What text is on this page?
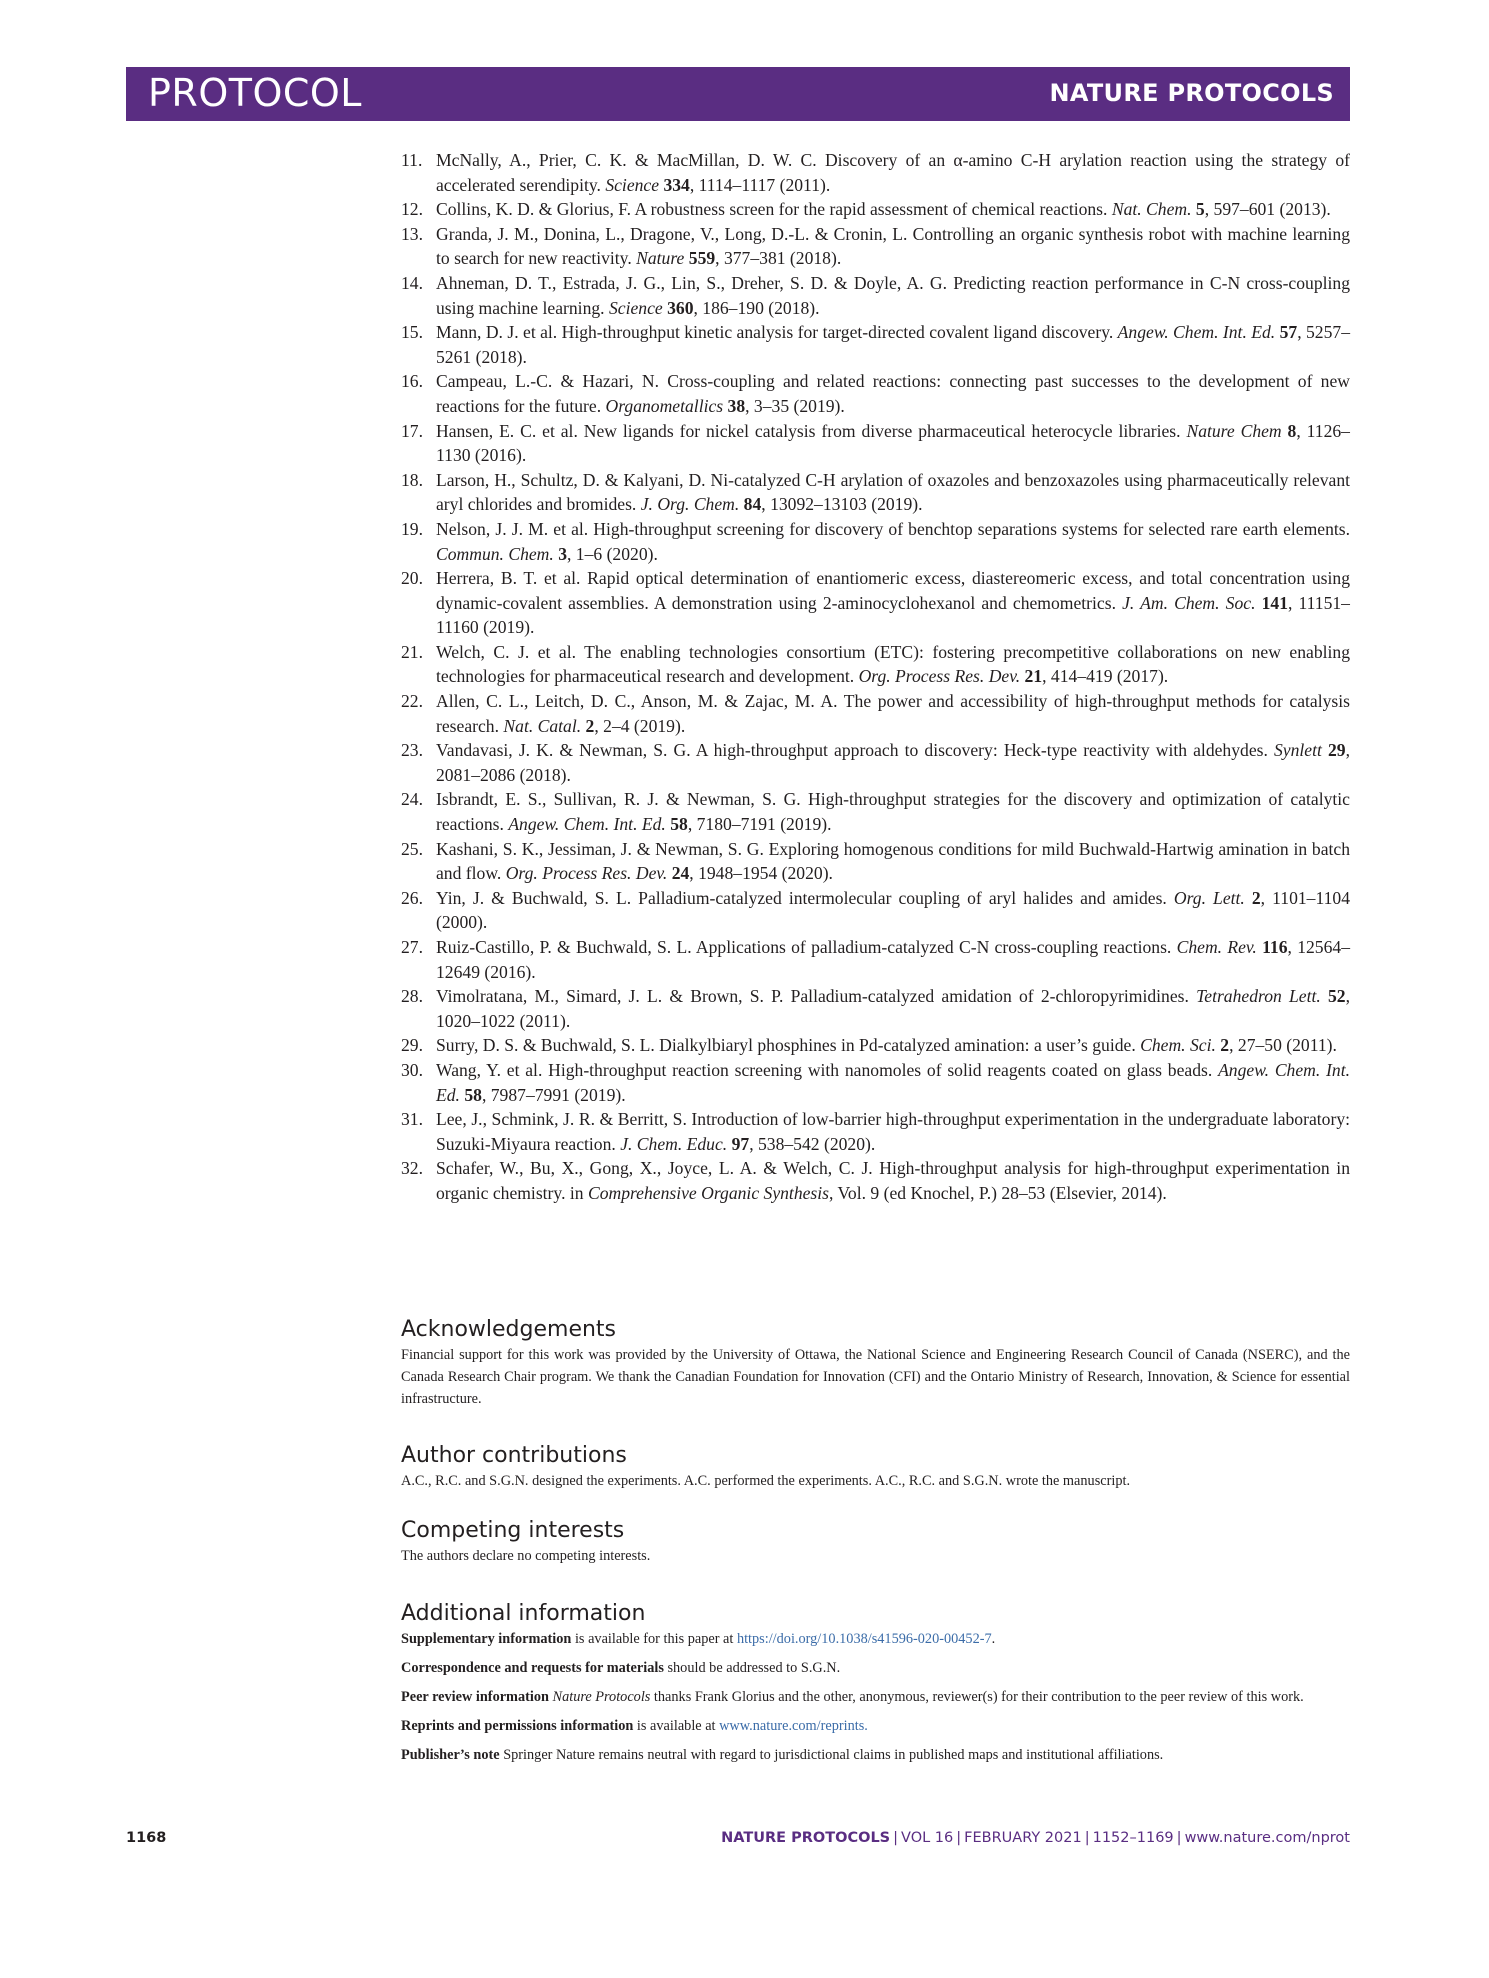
PROTOCOL	NATURE PROTOCOLS
11. McNally, A., Prier, C. K. & MacMillan, D. W. C. Discovery of an α-amino C-H arylation reaction using the strategy of accelerated serendipity. Science 334, 1114–1117 (2011).
12. Collins, K. D. & Glorius, F. A robustness screen for the rapid assessment of chemical reactions. Nat. Chem. 5, 597–601 (2013).
13. Granda, J. M., Donina, L., Dragone, V., Long, D.-L. & Cronin, L. Controlling an organic synthesis robot with machine learning to search for new reactivity. Nature 559, 377–381 (2018).
14. Ahneman, D. T., Estrada, J. G., Lin, S., Dreher, S. D. & Doyle, A. G. Predicting reaction performance in C-N cross-coupling using machine learning. Science 360, 186–190 (2018).
15. Mann, D. J. et al. High-throughput kinetic analysis for target-directed covalent ligand discovery. Angew. Chem. Int. Ed. 57, 5257–5261 (2018).
16. Campeau, L.-C. & Hazari, N. Cross-coupling and related reactions: connecting past successes to the development of new reactions for the future. Organometallics 38, 3–35 (2019).
17. Hansen, E. C. et al. New ligands for nickel catalysis from diverse pharmaceutical heterocycle libraries. Nature Chem 8, 1126–1130 (2016).
18. Larson, H., Schultz, D. & Kalyani, D. Ni-catalyzed C-H arylation of oxazoles and benzoxazoles using pharmaceutically relevant aryl chlorides and bromides. J. Org. Chem. 84, 13092–13103 (2019).
19. Nelson, J. J. M. et al. High-throughput screening for discovery of benchtop separations systems for selected rare earth elements. Commun. Chem. 3, 1–6 (2020).
20. Herrera, B. T. et al. Rapid optical determination of enantiomeric excess, diastereomeric excess, and total concentration using dynamic-covalent assemblies. A demonstration using 2-aminocyclohexanol and chemometrics. J. Am. Chem. Soc. 141, 11151–11160 (2019).
21. Welch, C. J. et al. The enabling technologies consortium (ETC): fostering precompetitive collaborations on new enabling technologies for pharmaceutical research and development. Org. Process Res. Dev. 21, 414–419 (2017).
22. Allen, C. L., Leitch, D. C., Anson, M. & Zajac, M. A. The power and accessibility of high-throughput methods for catalysis research. Nat. Catal. 2, 2–4 (2019).
23. Vandavasi, J. K. & Newman, S. G. A high-throughput approach to discovery: Heck-type reactivity with aldehydes. Synlett 29, 2081–2086 (2018).
24. Isbrandt, E. S., Sullivan, R. J. & Newman, S. G. High-throughput strategies for the discovery and optimization of catalytic reactions. Angew. Chem. Int. Ed. 58, 7180–7191 (2019).
25. Kashani, S. K., Jessiman, J. & Newman, S. G. Exploring homogenous conditions for mild Buchwald-Hartwig amination in batch and flow. Org. Process Res. Dev. 24, 1948–1954 (2020).
26. Yin, J. & Buchwald, S. L. Palladium-catalyzed intermolecular coupling of aryl halides and amides. Org. Lett. 2, 1101–1104 (2000).
27. Ruiz-Castillo, P. & Buchwald, S. L. Applications of palladium-catalyzed C-N cross-coupling reactions. Chem. Rev. 116, 12564–12649 (2016).
28. Vimolratana, M., Simard, J. L. & Brown, S. P. Palladium-catalyzed amidation of 2-chloropyrimidines. Tetrahedron Lett. 52, 1020–1022 (2011).
29. Surry, D. S. & Buchwald, S. L. Dialkylbiaryl phosphines in Pd-catalyzed amination: a user’s guide. Chem. Sci. 2, 27–50 (2011).
30. Wang, Y. et al. High-throughput reaction screening with nanomoles of solid reagents coated on glass beads. Angew. Chem. Int. Ed. 58, 7987–7991 (2019).
31. Lee, J., Schmink, J. R. & Berritt, S. Introduction of low-barrier high-throughput experimentation in the undergraduate laboratory: Suzuki-Miyaura reaction. J. Chem. Educ. 97, 538–542 (2020).
32. Schafer, W., Bu, X., Gong, X., Joyce, L. A. & Welch, C. J. High-throughput analysis for high-throughput experimentation in organic chemistry. in Comprehensive Organic Synthesis, Vol. 9 (ed Knochel, P.) 28–53 (Elsevier, 2014).
Acknowledgements

Financial support for this work was provided by the University of Ottawa, the National Science and Engineering Research Council of Canada (NSERC), and the Canada Research Chair program. We thank the Canadian Foundation for Innovation (CFI) and the Ontario Ministry of Research, Innovation, & Science for essential infrastructure.

Author contributions

A.C., R.C. and S.G.N. designed the experiments. A.C. performed the experiments. A.C., R.C. and S.G.N. wrote the manuscript.

Competing interests

The authors declare no competing interests.

Additional information

Supplementary information is available for this paper at https://doi.org/10.1038/s41596-020-00452-7.

Correspondence and requests for materials should be addressed to S.G.N.

Peer review information Nature Protocols thanks Frank Glorius and the other, anonymous, reviewer(s) for their contribution to the peer review of this work.

Reprints and permissions information is available at www.nature.com/reprints.

Publisher’s note Springer Nature remains neutral with regard to jurisdictional claims in published maps and institutional affiliations.

1168	NATURE PROTOCOLS | VOL 16 | FEBRUARY 2021 | 1152–1169 | www.nature.com/nprot
